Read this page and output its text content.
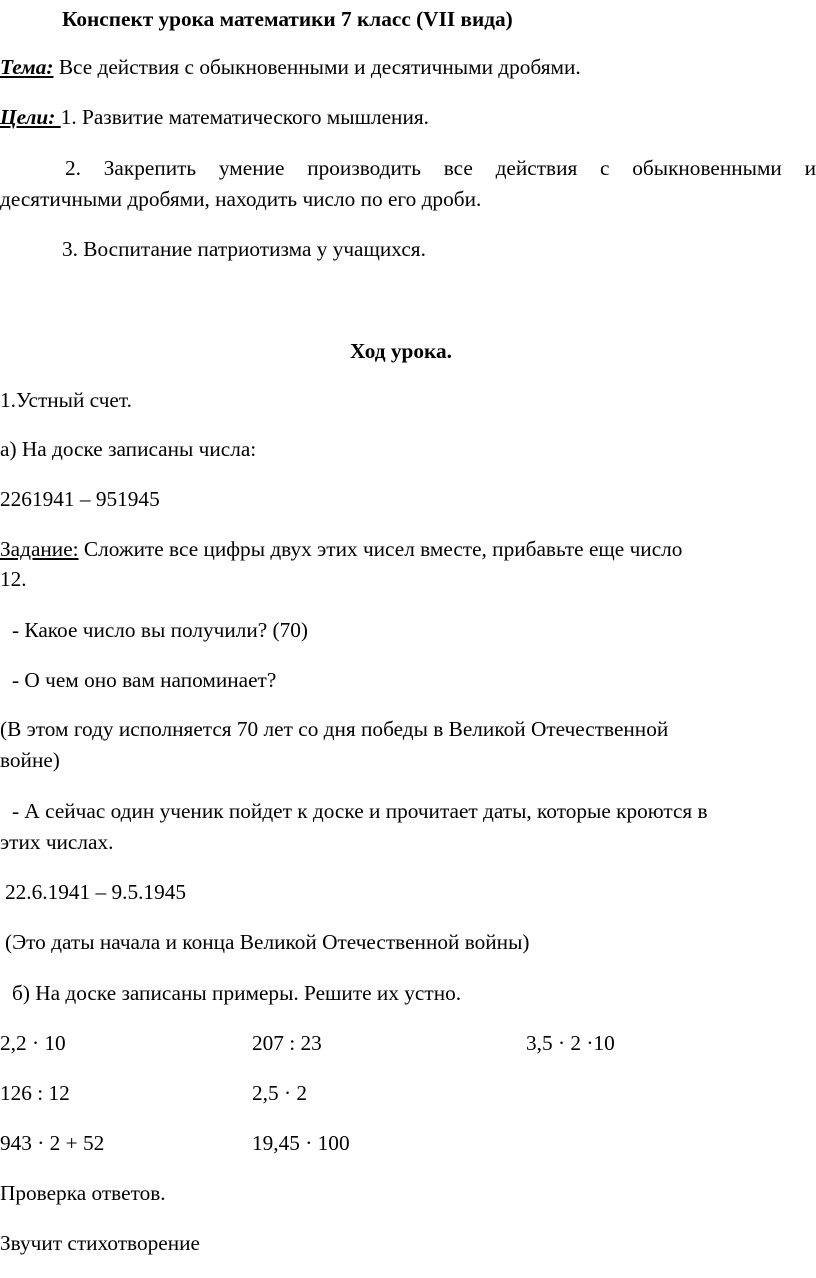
Конспект урока математики 7 класс (VII вида)
Тема: Все действия с обыкновенными и десятичными дробями.
Цели: 1. Развитие математического мышления.
2. Закрепить умение производить все действия с обыкновенными и
десятичными дробями, находить число по его дроби.
3. Воспитание патриотизма у учащихся.
Ход урока.
1.Устный счет.
а) На доске записаны числа:
2261941 – 951945
Задание: Сложите все цифры двух этих чисел вместе, прибавьте еще число
12.
- Какое число вы получили? (70)
- О чем оно вам напоминает?
(В этом году исполняется 70 лет со дня победы в Великой Отечественной
войне)
- А сейчас один ученик пойдет к доске и прочитает даты, которые кроются в
этих числах.
22.6.1941 – 9.5.1945
(Это даты начала и конца Великой Отечественной войны)
б) На доске записаны примеры. Решите их устно.
2,2 · 10	207 : 23	3,5 · 2 ·10
126 : 12	2,5 · 2
943 · 2 + 52	19,45 · 100
Проверка ответов.
Звучит стихотворение
